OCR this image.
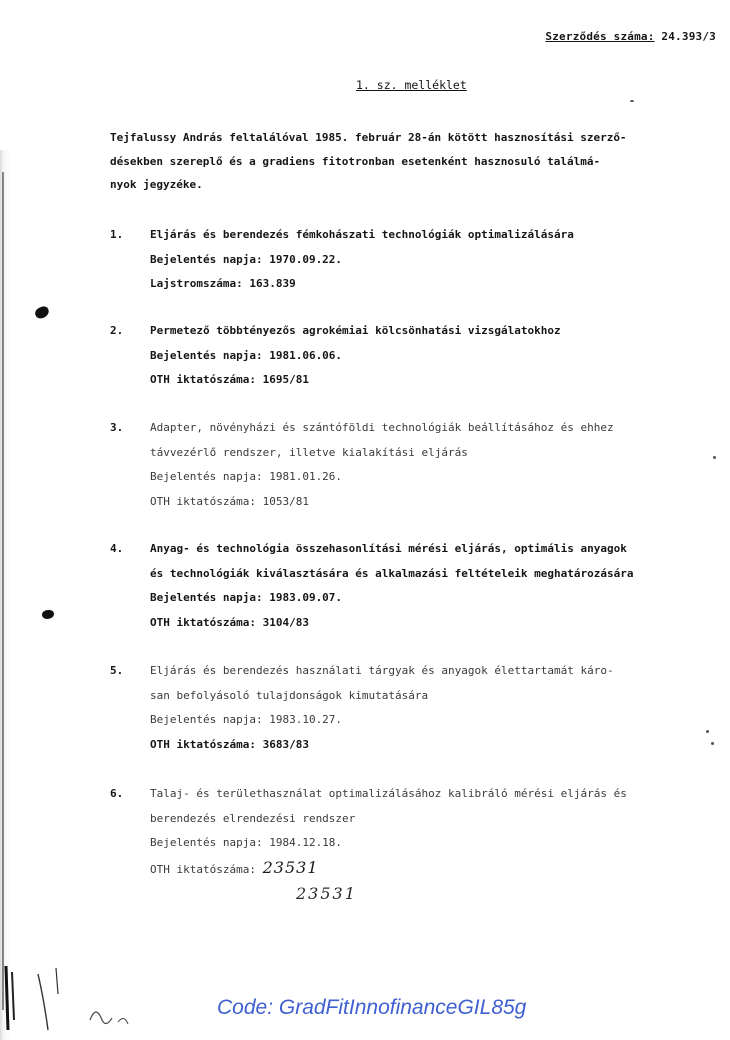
Szerződés száma: 24.393/3
1. sz. melléklet
Tejfalussy András feltalálóval 1985. február 28-án kötött hasznosítási szerző-
désekben szereplő és a gradiens fitotronban esetenként hasznosuló találmá-
nyok jegyzéke.
1. Eljárás és berendezés fémkohászati technológiák optimalizálására
Bejelentés napja: 1970.09.22.
Lajstromszáma: 163.839
2. Permetező többtényezős agrokémiai kölcsönhatási vizsgálatokhoz
Bejelentés napja: 1981.06.06.
OTH iktatószáma: 1695/81
3. Adapter, növényházi és szántóföldi technológiák beállításához és ehhez
távvezérlő rendszer, illetve kialakítási eljárás
Bejelentés napja: 1981.01.26.
OTH iktatószáma: 1053/81
4. Anyag- és technológia összehasonlítási mérési eljárás, optimális anyagok
és technológiák kiválasztására és alkalmazási feltételeik meghatározására
Bejelentés napja: 1983.09.07.
OTH iktatószáma: 3104/83
5. Eljárás és berendezés használati tárgyak és anyagok élettartamát káro-
san befolyásoló tulajdonságok kimutatására
Bejelentés napja: 1983.10.27.
OTH iktatószáma: 3683/83
6. Talaj- és területhasználat optimalizálásához kalibráló mérési eljárás és
berendezés elrendezési rendszer
Bejelentés napja: 1984.12.18.
OTH iktatószáma: 23531
23531
Code: GradFitInnofinanceGIL85g
